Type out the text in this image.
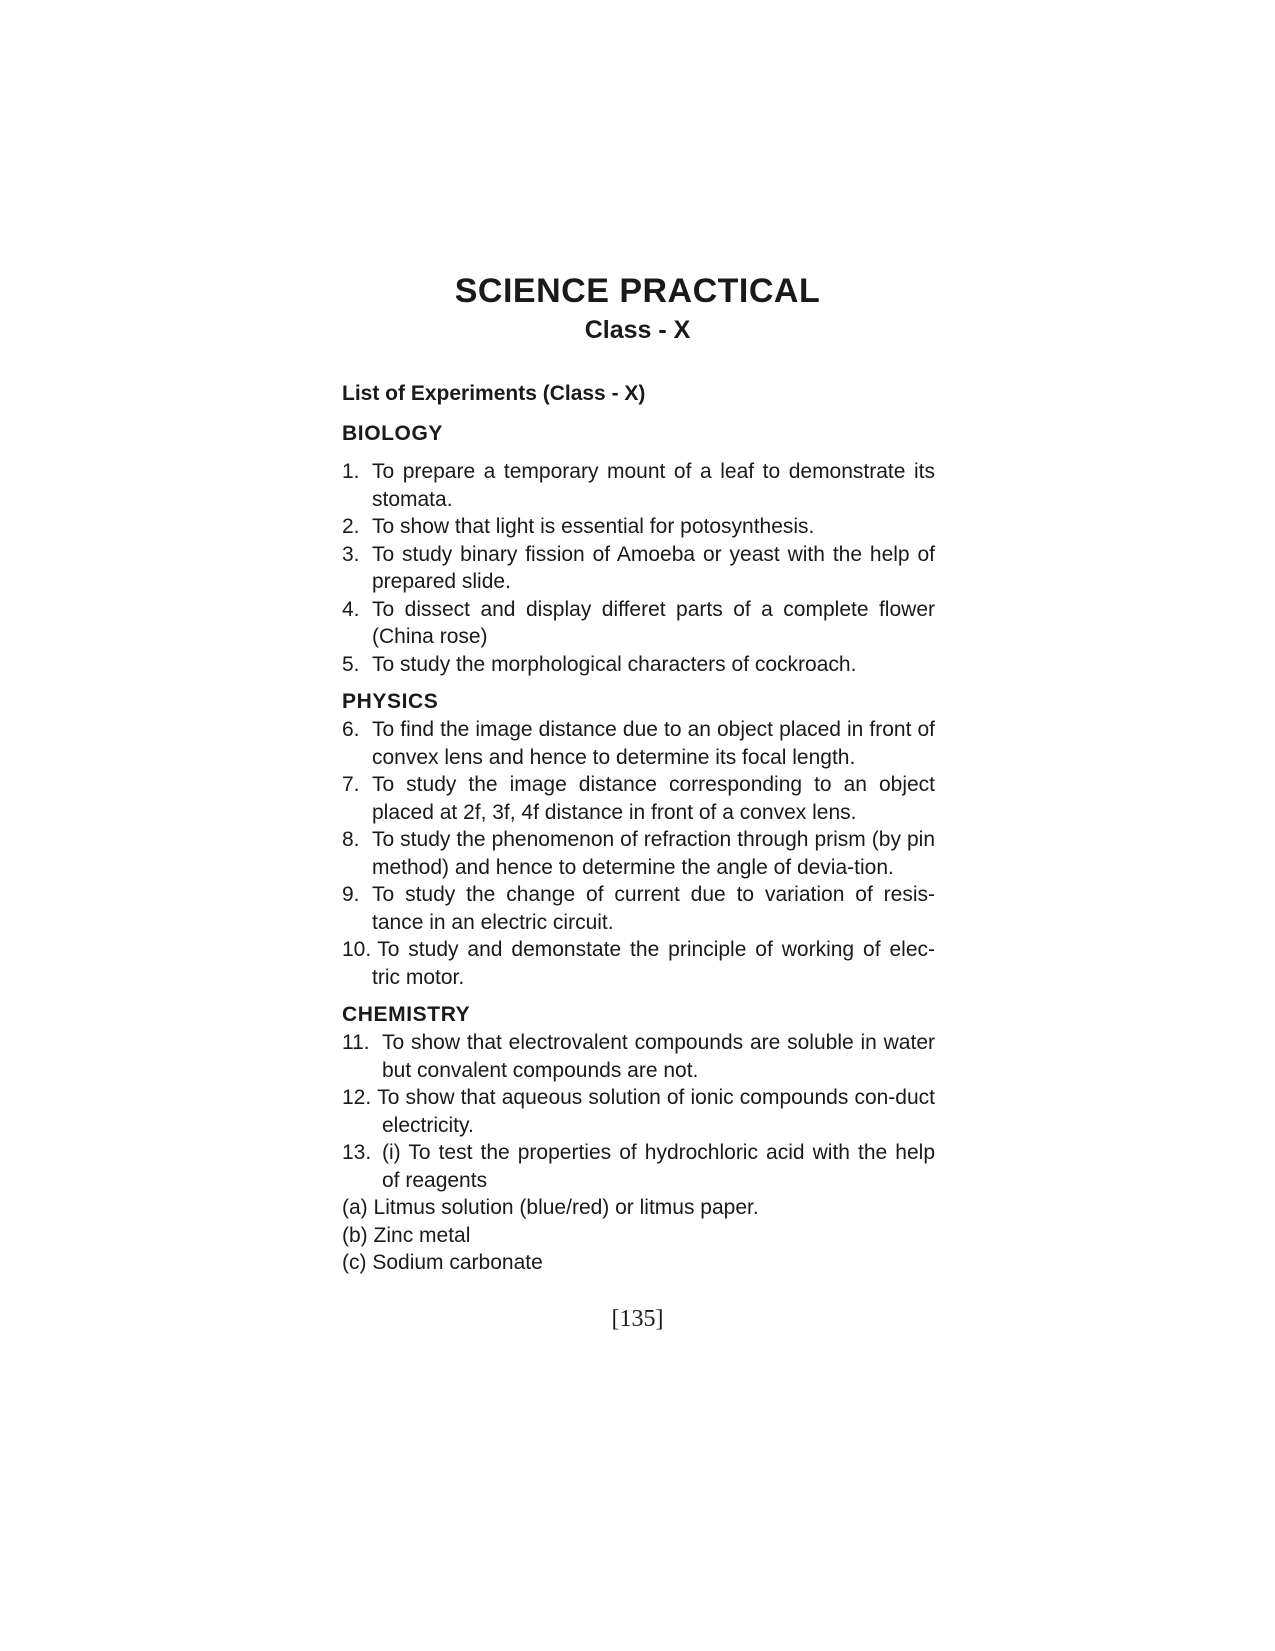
SCIENCE PRACTICAL
Class - X

List of Experiments (Class - X)

BIOLOGY

1. To prepare a temporary mount of a leaf to demonstrate its stomata.
2. To show that light is essential for potosynthesis.
3. To study binary fission of Amoeba or yeast with the help of prepared slide.
4. To dissect and display differet parts of a complete flower (China rose)
5. To study the morphological characters of cockroach.

PHYSICS

6. To find the image distance due to an object placed in front of convex lens and hence to determine its focal length.
7. To study the image distance corresponding to an object placed at 2f, 3f, 4f distance in front of a convex lens.
8. To study the phenomenon of refraction through prism (by pin method) and hence to determine the angle of devia-tion.
9. To study the change of current due to variation of resis-tance in an electric circuit.
10. To study and demonstate the principle of working of elec-tric motor.

CHEMISTRY

11. To show that electrovalent compounds are soluble in water but convalent compounds are not.
12. To show that aqueous solution of ionic compounds con-duct electricity.
13. (i) To test the properties of hydrochloric acid with the help of reagents
(a) Litmus solution (blue/red) or litmus paper.
(b) Zinc metal
(c) Sodium carbonate

[135]
